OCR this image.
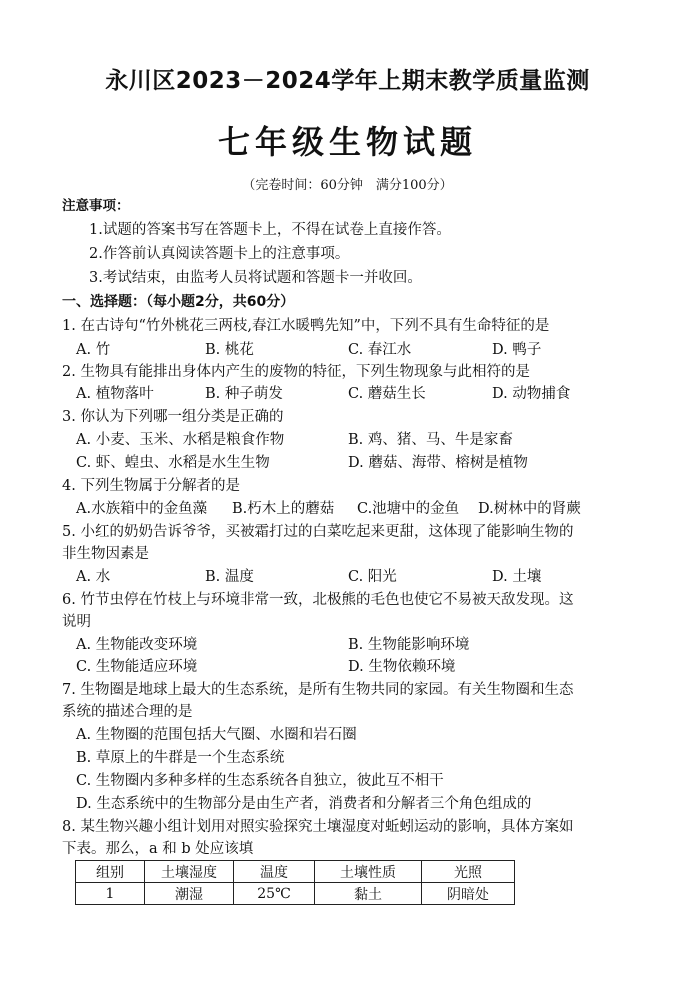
永川区2023－2024学年上期末教学质量监测
七年级生物试题
（完卷时间：60分钟　满分100分）
注意事项：
1.试题的答案书写在答题卡上，不得在试卷上直接作答。
2.作答前认真阅读答题卡上的注意事项。
3.考试结束，由监考人员将试题和答题卡一并收回。
一、选择题：（每小题2分，共60分）
1. 在古诗句“竹外桃花三两枝,春江水暖鸭先知”中，下列不具有生命特征的是
A. 竹	B. 桃花	C. 春江水	D. 鸭子
2. 生物具有能排出身体内产生的废物的特征，下列生物现象与此相符的是
A. 植物落叶	B. 种子萌发	C. 蘑菇生长	D. 动物捕食
3. 你认为下列哪一组分类是正确的
A. 小麦、玉米、水稻是粮食作物	B. 鸡、猪、马、牛是家畜
C. 虾、蝗虫、水稻是水生生物	D. 蘑菇、海带、榕树是植物
4. 下列生物属于分解者的是
A.水族箱中的金鱼藻 B.朽木上的蘑菇 C.池塘中的金鱼 D.树林中的肾蕨
5. 小红的奶奶告诉爷爷，买被霜打过的白菜吃起来更甜，这体现了能影响生物的
非生物因素是
A. 水	B. 温度	C. 阳光	D. 土壤
6. 竹节虫停在竹枝上与环境非常一致，北极熊的毛色也使它不易被天敌发现。这
说明
A. 生物能改变环境	B. 生物能影响环境
C. 生物能适应环境	D. 生物依赖环境
7. 生物圈是地球上最大的生态系统，是所有生物共同的家园。有关生物圈和生态
系统的描述合理的是
A. 生物圈的范围包括大气圈、水圈和岩石圈
B. 草原上的牛群是一个生态系统
C. 生物圈内多种多样的生态系统各自独立，彼此互不相干
D. 生态系统中的生物部分是由生产者，消费者和分解者三个角色组成的
8. 某生物兴趣小组计划用对照实验探究土壤湿度对蚯蚓运动的影响，具体方案如
下表。那么，a 和 b 处应该填
组别	土壤湿度	温度	土壤性质	光照
1	潮湿	25℃	黏土	阴暗处
